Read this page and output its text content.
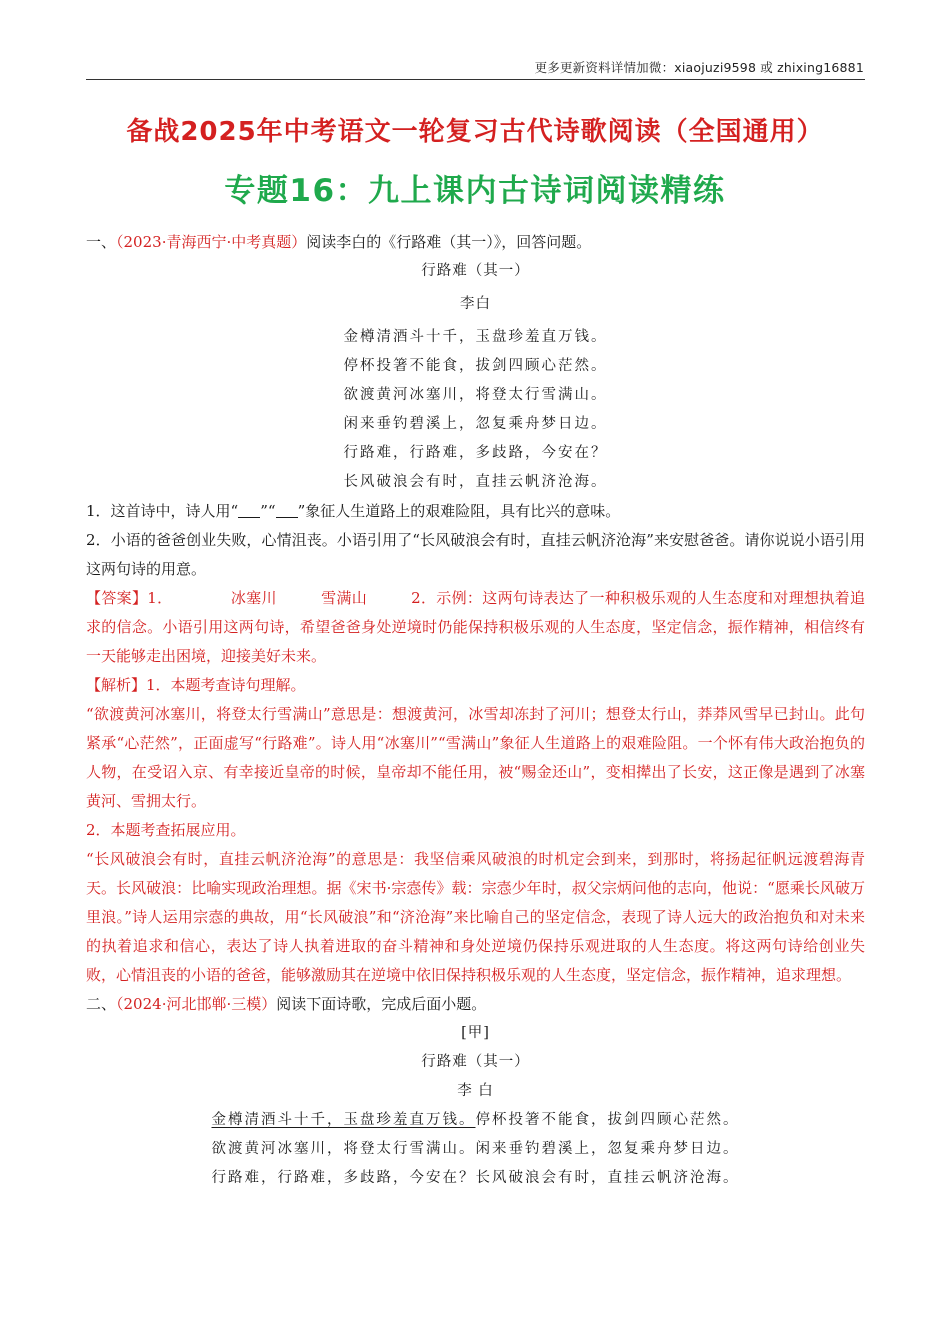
更多更新资料详情加微：xiaojuzi9598 或 zhixing16881
备战2025年中考语文一轮复习古代诗歌阅读（全国通用）
专题16：九上课内古诗词阅读精练

一、（2023·青海西宁·中考真题）阅读李白的《行路难（其一）》，回答问题。

行路难（其一）

李白

金樽清酒斗十千，玉盘珍羞直万钱。

停杯投箸不能食，拔剑四顾心茫然。

欲渡黄河冰塞川，将登太行雪满山。

闲来垂钓碧溪上，忽复乘舟梦日边。

行路难，行路难，多歧路，今安在？

长风破浪会有时，直挂云帆济沧海。

1．这首诗中，诗人用“ ”“ ”象征人生道路上的艰难险阻，具有比兴的意味。

2．小语的爸爸创业失败，心情沮丧。小语引用了“长风破浪会有时，直挂云帆济沧海”来安慰爸爸。请你说说小语引用这两句诗的用意。

【答案】1．	冰塞川	雪满山	2．示例：这两句诗表达了一种积极乐观的人生态度和对理想执着追求的信念。小语引用这两句诗，希望爸爸身处逆境时仍能保持积极乐观的人生态度，坚定信念，振作精神，相信终有一天能够走出困境，迎接美好未来。

【解析】1．本题考查诗句理解。

“欲渡黄河冰塞川，将登太行雪满山”意思是：想渡黄河，冰雪却冻封了河川；想登太行山，莽莽风雪早已封山。此句紧承“心茫然”，正面虚写“行路难”。诗人用“冰塞川”“雪满山”象征人生道路上的艰难险阻。一个怀有伟大政治抱负的人物，在受诏入京、有幸接近皇帝的时候，皇帝却不能任用，被“赐金还山”，变相撵出了长安，这正像是遇到了冰塞黄河、雪拥太行。

2．本题考查拓展应用。

“长风破浪会有时，直挂云帆济沧海”的意思是：我坚信乘风破浪的时机定会到来，到那时，将扬起征帆远渡碧海青天。长风破浪：比喻实现政治理想。据《宋书·宗悫传》载：宗悫少年时，叔父宗炳问他的志向，他说：“愿乘长风破万里浪。”诗人运用宗悫的典故，用“长风破浪”和“济沧海”来比喻自己的坚定信念，表现了诗人远大的政治抱负和对未来的执着追求和信心，表达了诗人执着进取的奋斗精神和身处逆境仍保持乐观进取的人生态度。将这两句诗给创业失败，心情沮丧的小语的爸爸，能够激励其在逆境中依旧保持积极乐观的人生态度，坚定信念，振作精神，追求理想。

二、（2024·河北邯郸·三模）阅读下面诗歌，完成后面小题。

[甲]

行路难（其一）

李 白

金樽清酒斗十千，玉盘珍羞直万钱。停杯投箸不能食，拔剑四顾心茫然。

欲渡黄河冰塞川，将登太行雪满山。闲来垂钓碧溪上，忽复乘舟梦日边。

行路难，行路难，多歧路，今安在？长风破浪会有时，直挂云帆济沧海。
